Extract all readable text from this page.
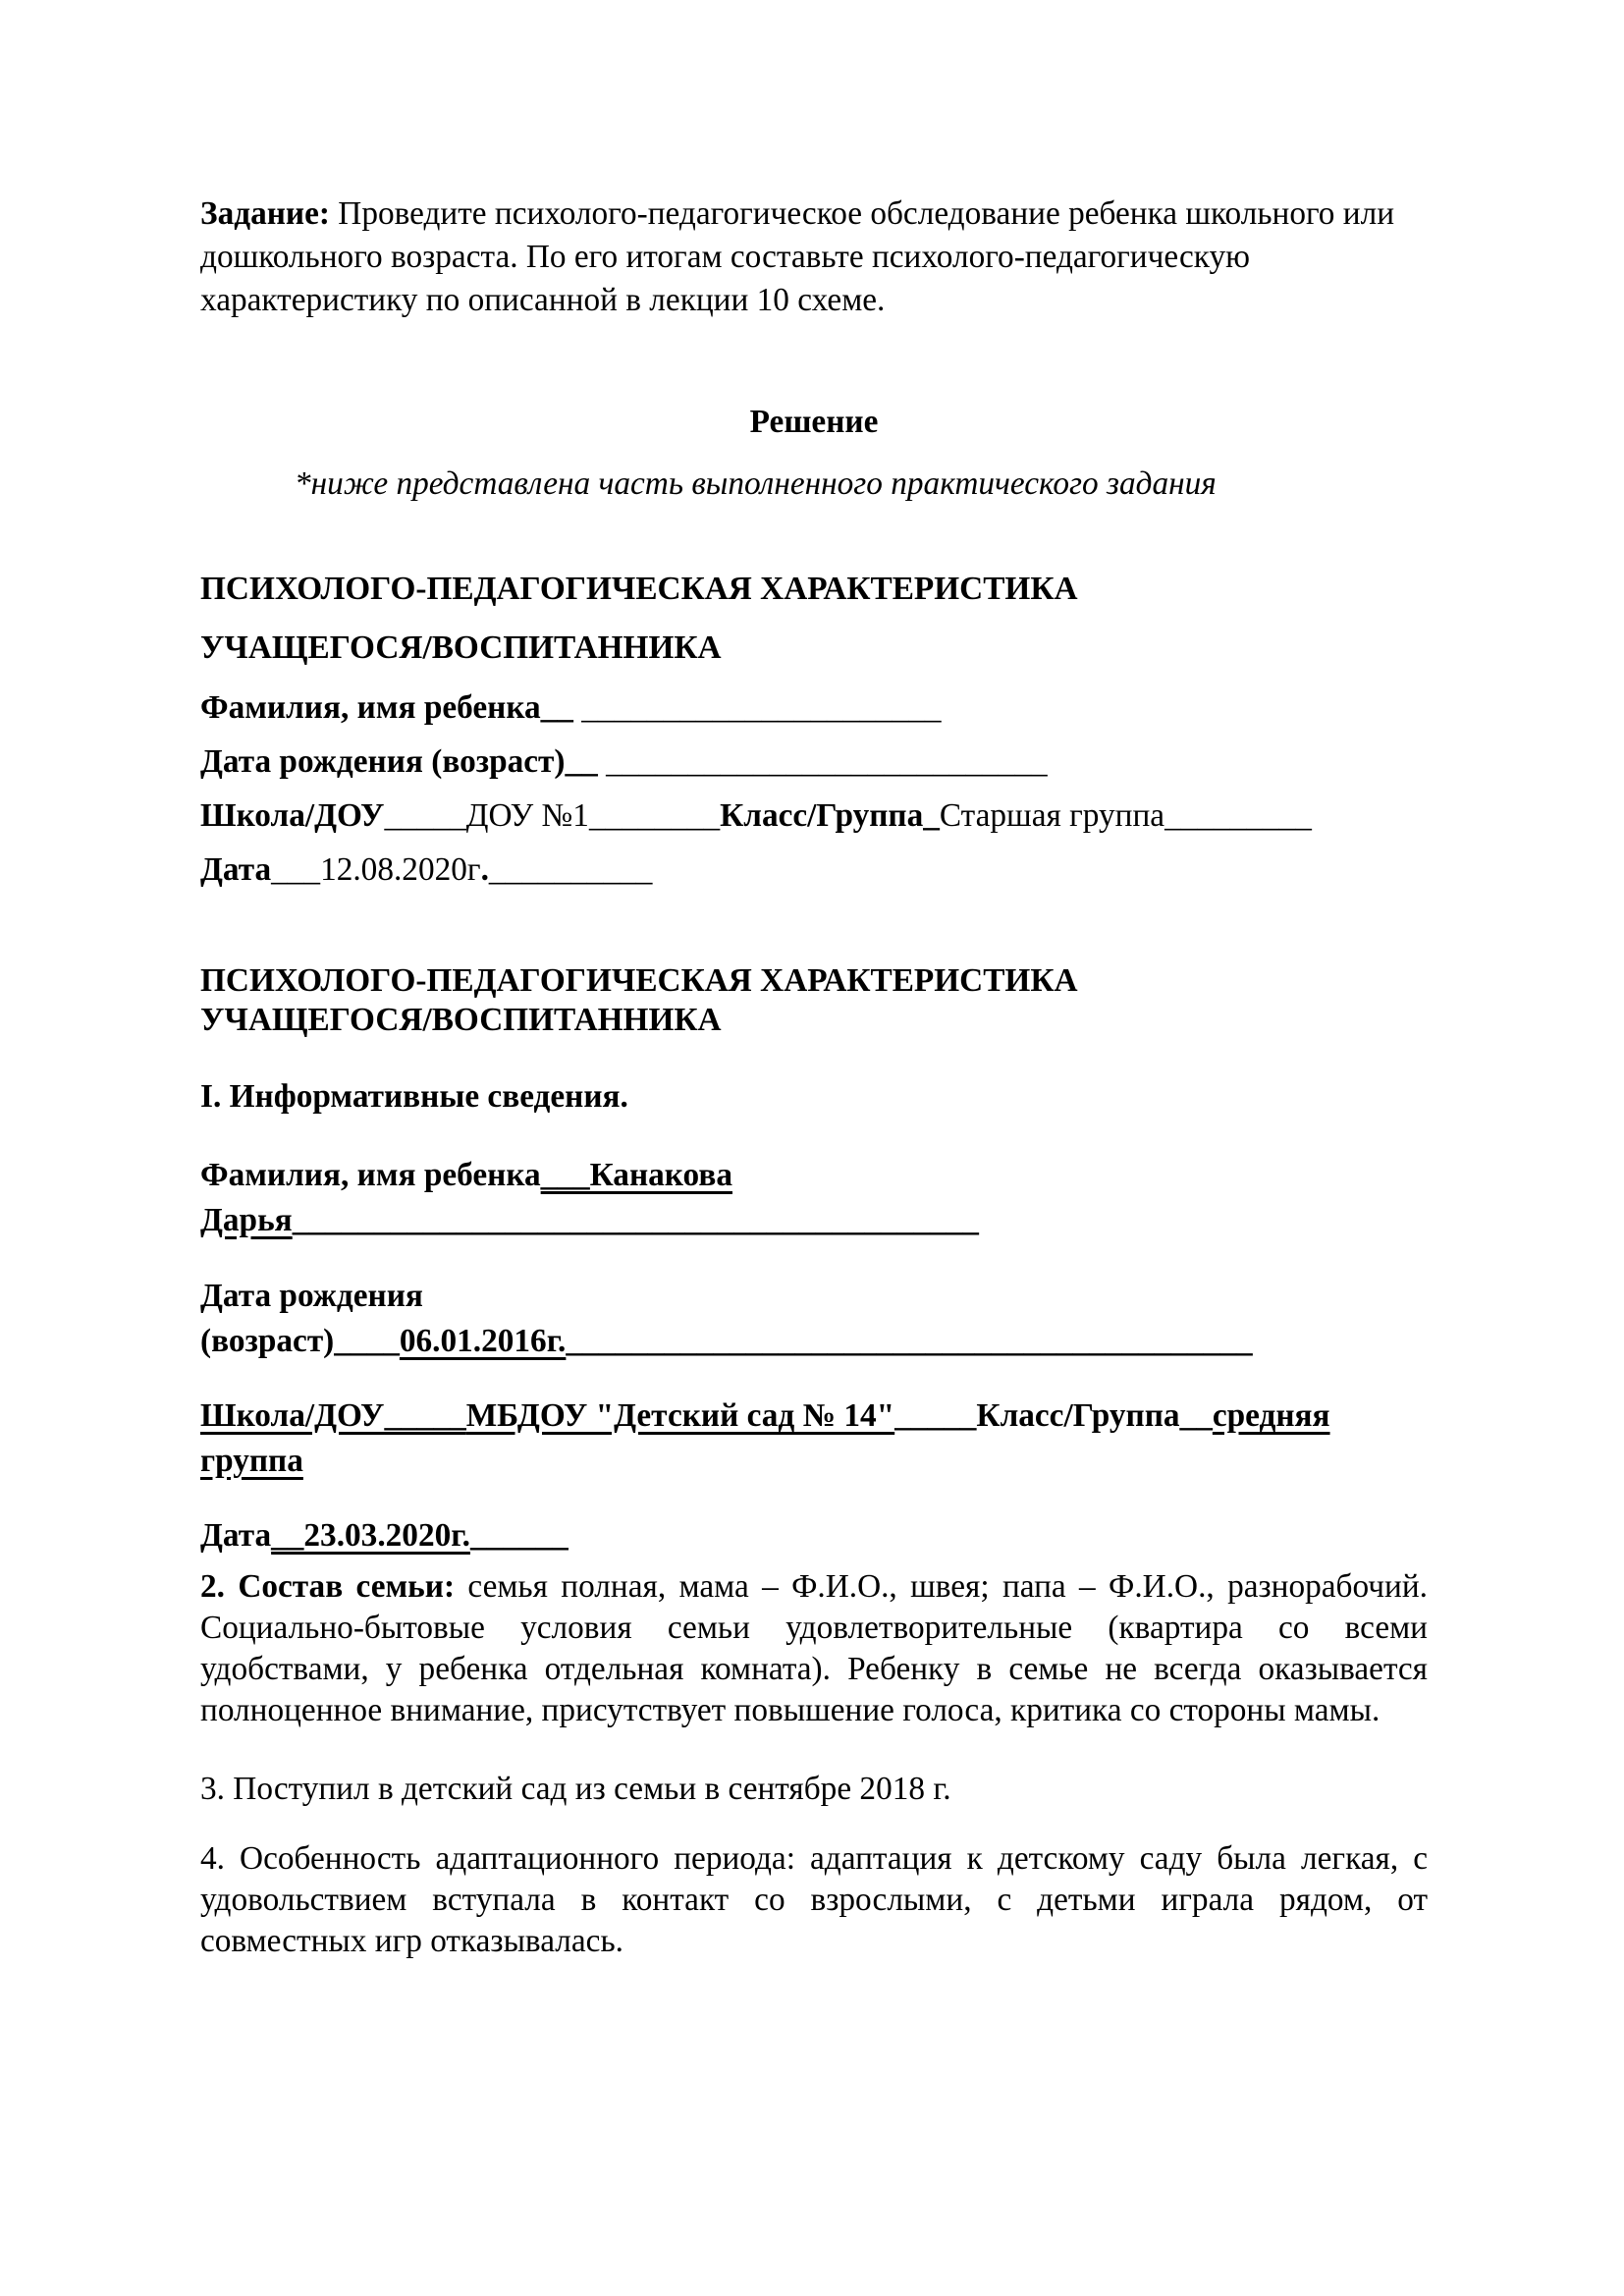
Задание: Проведите психолого-педагогическое обследование ребенка школьного или дошкольного возраста. По его итогам составьте психолого-педагогическую характеристику по описанной в лекции 10 схеме.

Решение

*ниже представлена часть выполненного практического задания

ПСИХОЛОГО-ПЕДАГОГИЧЕСКАЯ ХАРАКТЕРИСТИКА
УЧАЩЕГОСЯ/ВОСПИТАННИКА
Фамилия, имя ребенка__ ______________________
Дата рождения (возраст)__ ___________________________
Школа/ДОУ_____ДОУ №1________Класс/Группа_Старшая группа_________
Дата___12.08.2020г.__________
ПСИХОЛОГО-ПЕДАГОГИЧЕСКАЯ ХАРАКТЕРИСТИКА
УЧАЩЕГОСЯ/ВОСПИТАННИКА

I. Информативные сведения.

Фамилия, имя ребенка___Канакова
Дарья__________________________________________
Дата рождения
(возраст)____06.01.2016г.__________________________________________
Школа/ДОУ_____МБДОУ "Детский сад № 14"_____Класс/Группа__средняя
группа
Дата__23.03.2020г.______

2. Состав семьи: семья полная, мама – Ф.И.О., швея; папа – Ф.И.О., разнорабочий. Социально-бытовые условия семьи удовлетворительные (квартира со всеми удобствами, у ребенка отдельная комната). Ребенку в семье не всегда оказывается полноценное внимание, присутствует повышение голоса, критика со стороны мамы.

3. Поступил в детский сад из семьи в сентябре 2018 г.

4. Особенность адаптационного периода: адаптация к детскому саду была легкая, с удовольствием вступала в контакт со взрослыми, с детьми играла рядом, от совместных игр отказывалась.
